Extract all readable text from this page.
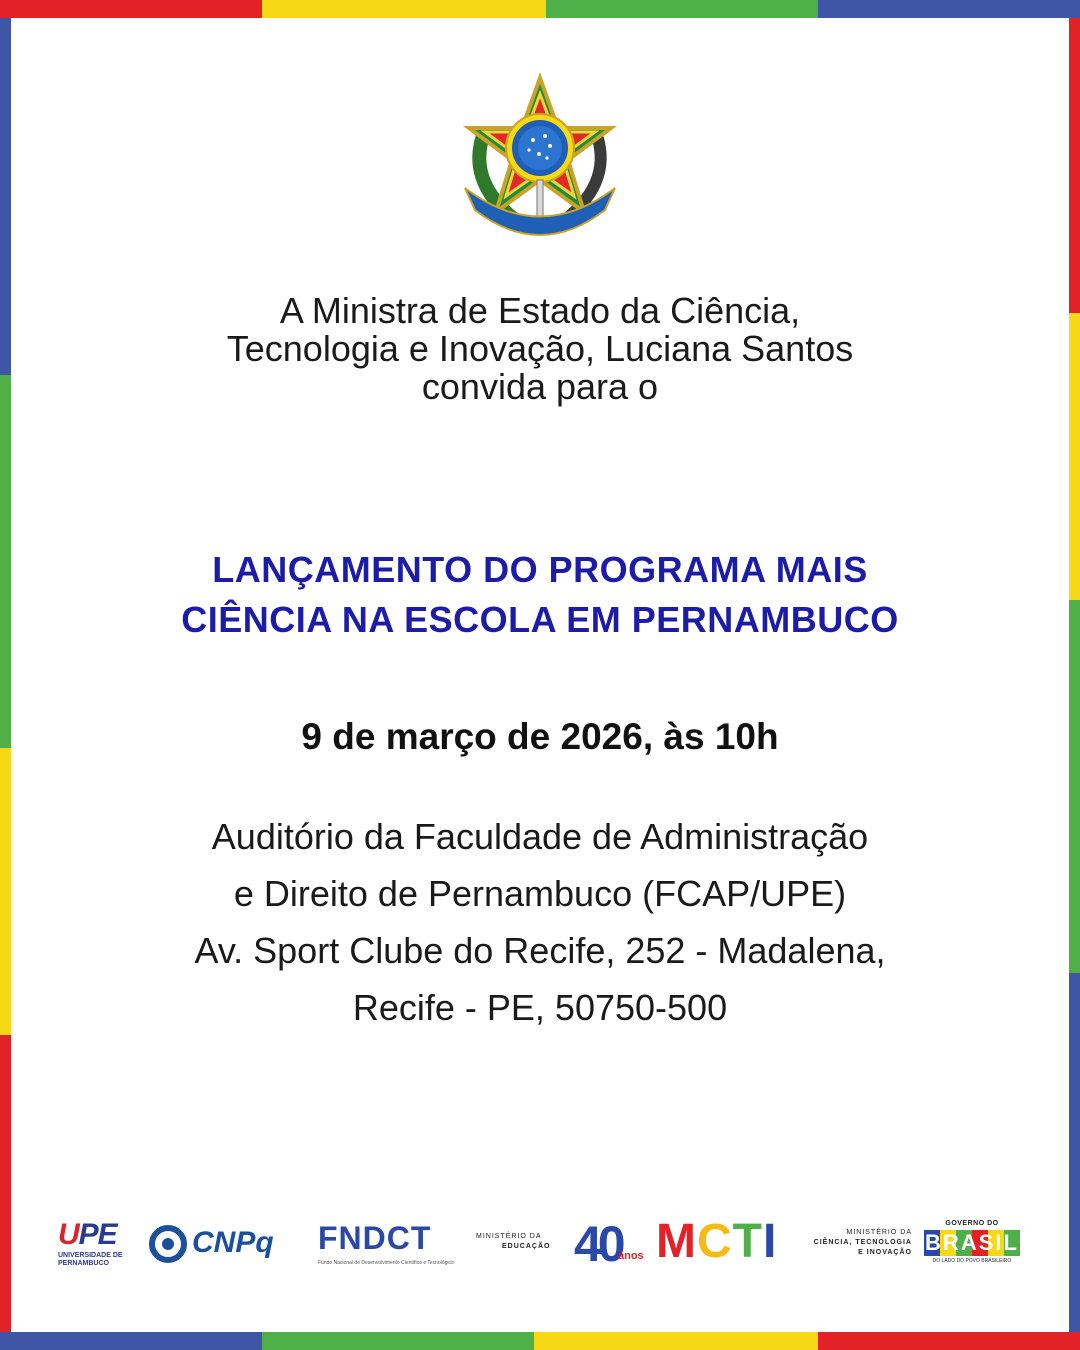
A Ministra de Estado da Ciência,
Tecnologia e Inovação, Luciana Santos
convida para o
LANÇAMENTO DO PROGRAMA MAIS
CIÊNCIA NA ESCOLA EM PERNAMBUCO
9 de março de 2026, às 10h
Auditório da Faculdade de Administração
e Direito de Pernambuco (FCAP/UPE)
Av. Sport Clube do Recife, 252 - Madalena,
Recife - PE, 50750-500
UPE
UNIVERSIDADE DE PERNAMBUCO
CNPq FNDCT
Fundo Nacional de Desenvolvimento Científico e Tecnológico
MINISTÉRIO DA
EDUCAÇÃO 40
anos MCTI	MINISTÉRIO DA
CIÊNCIA, TECNOLOGIA
E INOVAÇÃO
GOVERNO DO
BRASIL
DO LADO DO POVO BRASILEIRO
